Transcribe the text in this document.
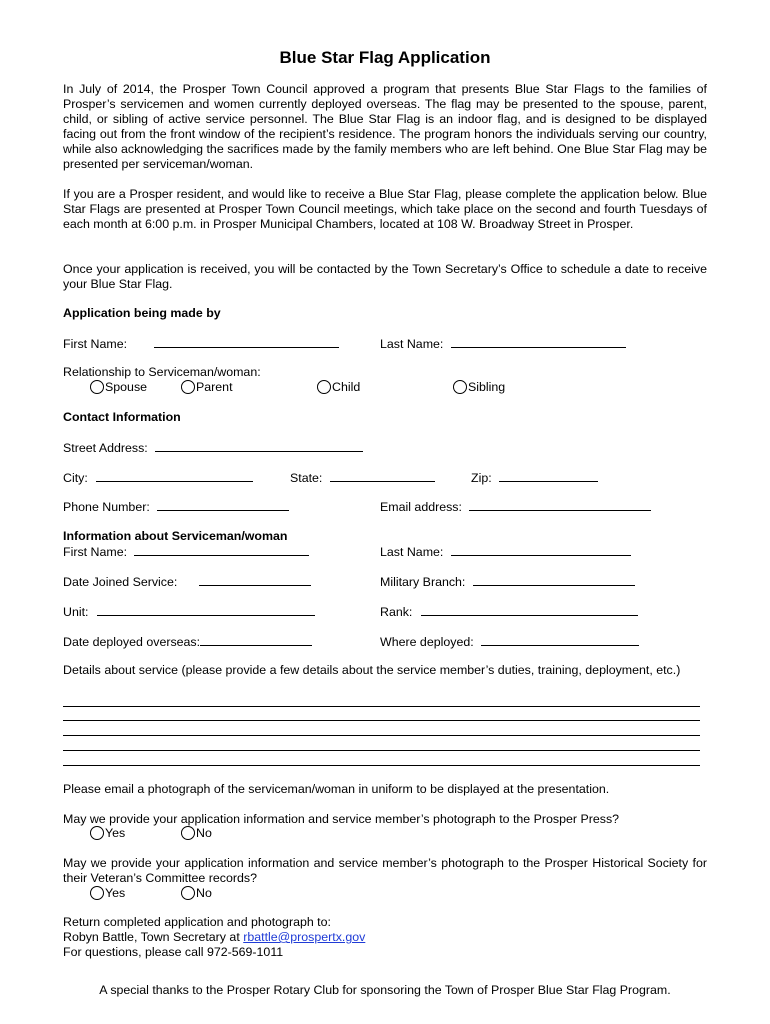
Blue Star Flag Application
In July of 2014, the Prosper Town Council approved a program that presents Blue Star Flags to the families of Prosper’s servicemen and women currently deployed overseas. The flag may be presented to the spouse, parent, child, or sibling of active service personnel. The Blue Star Flag is an indoor flag, and is designed to be displayed facing out from the front window of the recipient’s residence. The program honors the individuals serving our country, while also acknowledging the sacrifices made by the family members who are left behind. One Blue Star Flag may be presented per serviceman/woman.
If you are a Prosper resident, and would like to receive a Blue Star Flag, please complete the application below. Blue Star Flags are presented at Prosper Town Council meetings, which take place on the second and fourth Tuesdays of each month at 6:00 p.m. in Prosper Municipal Chambers, located at 108 W. Broadway Street in Prosper.
Once your application is received, you will be contacted by the Town Secretary’s Office to schedule a date to receive your Blue Star Flag.
Application being made by
First Name:	Last Name:
Relationship to Serviceman/woman:
Spouse	Parent	Child	Sibling
Contact Information
Street Address:
City:	State:	Zip:
Phone Number:	Email address:
Information about Serviceman/woman
First Name:	Last Name:
Date Joined Service:	Military Branch:
Unit:	Rank:
Date deployed overseas:	Where deployed:
Details about service (please provide a few details about the service member’s duties, training, deployment, etc.)
Please email a photograph of the serviceman/woman in uniform to be displayed at the presentation.
May we provide your application information and service member’s photograph to the Prosper Press?
Yes	No
May we provide your application information and service member’s photograph to the Prosper Historical Society for their Veteran’s Committee records?
Yes	No
Return completed application and photograph to:
Robyn Battle, Town Secretary at rbattle@prospertx.gov
For questions, please call 972-569-1011
A special thanks to the Prosper Rotary Club for sponsoring the Town of Prosper Blue Star Flag Program.
